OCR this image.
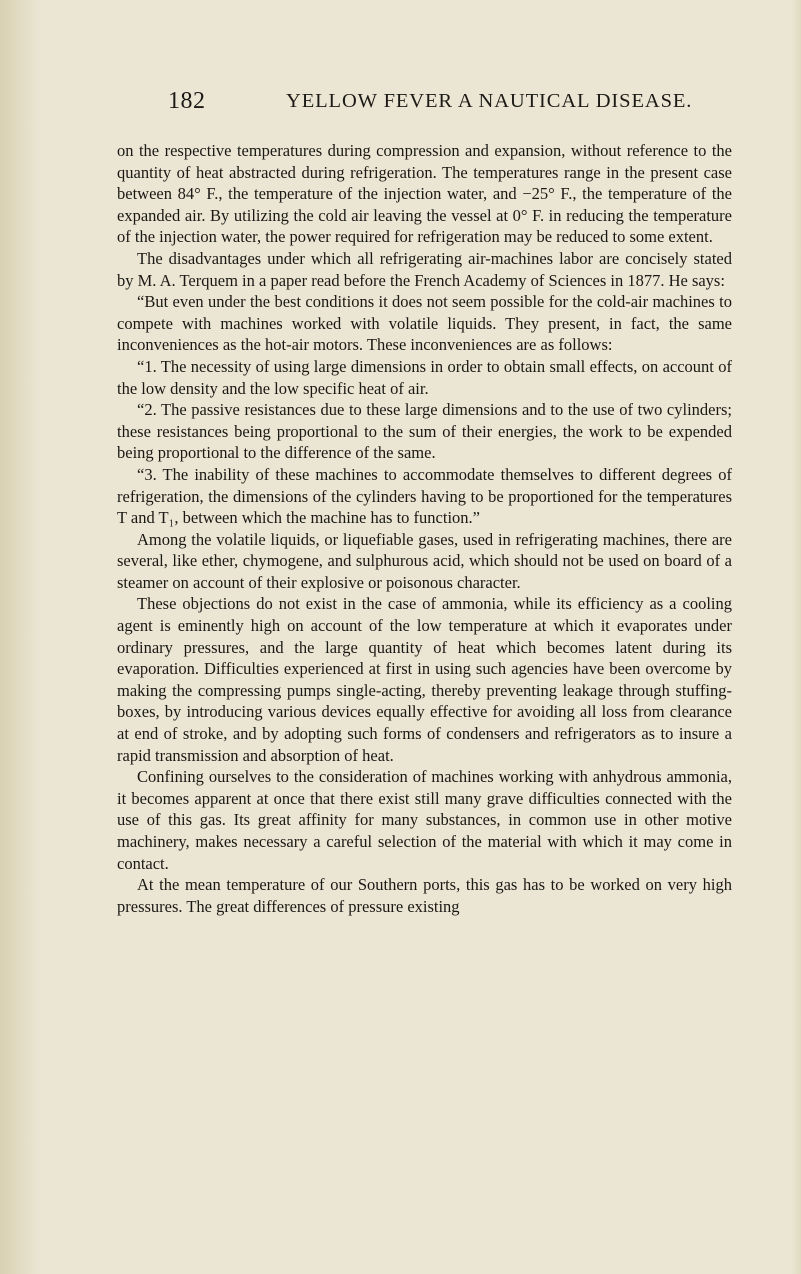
182	YELLOW FEVER A NAUTICAL DISEASE.

on the respective temperatures during compression and expansion, without reference to the quantity of heat abstracted during refrigeration. The temperatures range in the present case between 84° F., the temperature of the injection water, and −25° F., the temperature of the expanded air. By utilizing the cold air leaving the vessel at 0° F. in reducing the temperature of the injection water, the power required for refrigeration may be reduced to some extent.

The disadvantages under which all refrigerating air-machines labor are concisely stated by M. A. Terquem in a paper read before the French Academy of Sciences in 1877. He says:

“But even under the best conditions it does not seem possible for the cold-air machines to compete with machines worked with volatile liquids. They present, in fact, the same inconveniences as the hot-air motors. These inconveniences are as follows:

“1. The necessity of using large dimensions in order to obtain small effects, on account of the low density and the low specific heat of air.

“2. The passive resistances due to these large dimensions and to the use of two cylinders; these resistances being proportional to the sum of their energies, the work to be expended being proportional to the difference of the same.

“3. The inability of these machines to accommodate themselves to different degrees of refrigeration, the dimensions of the cylinders having to be proportioned for the temperatures T and T₁, between which the machine has to function.”

Among the volatile liquids, or liquefiable gases, used in refrigerating machines, there are several, like ether, chymogene, and sulphurous acid, which should not be used on board of a steamer on account of their explosive or poisonous character.

These objections do not exist in the case of ammonia, while its efficiency as a cooling agent is eminently high on account of the low temperature at which it evaporates under ordinary pressures, and the large quantity of heat which becomes latent during its evaporation. Difficulties experienced at first in using such agencies have been overcome by making the compressing pumps single-acting, thereby preventing leakage through stuffing-boxes, by introducing various devices equally effective for avoiding all loss from clearance at end of stroke, and by adopting such forms of condensers and refrigerators as to insure a rapid transmission and absorption of heat.

Confining ourselves to the consideration of machines working with anhydrous ammonia, it becomes apparent at once that there exist still many grave difficulties connected with the use of this gas. Its great affinity for many substances, in common use in other motive machinery, makes necessary a careful selection of the material with which it may come in contact.

At the mean temperature of our Southern ports, this gas has to be worked on very high pressures. The great differences of pressure existing
